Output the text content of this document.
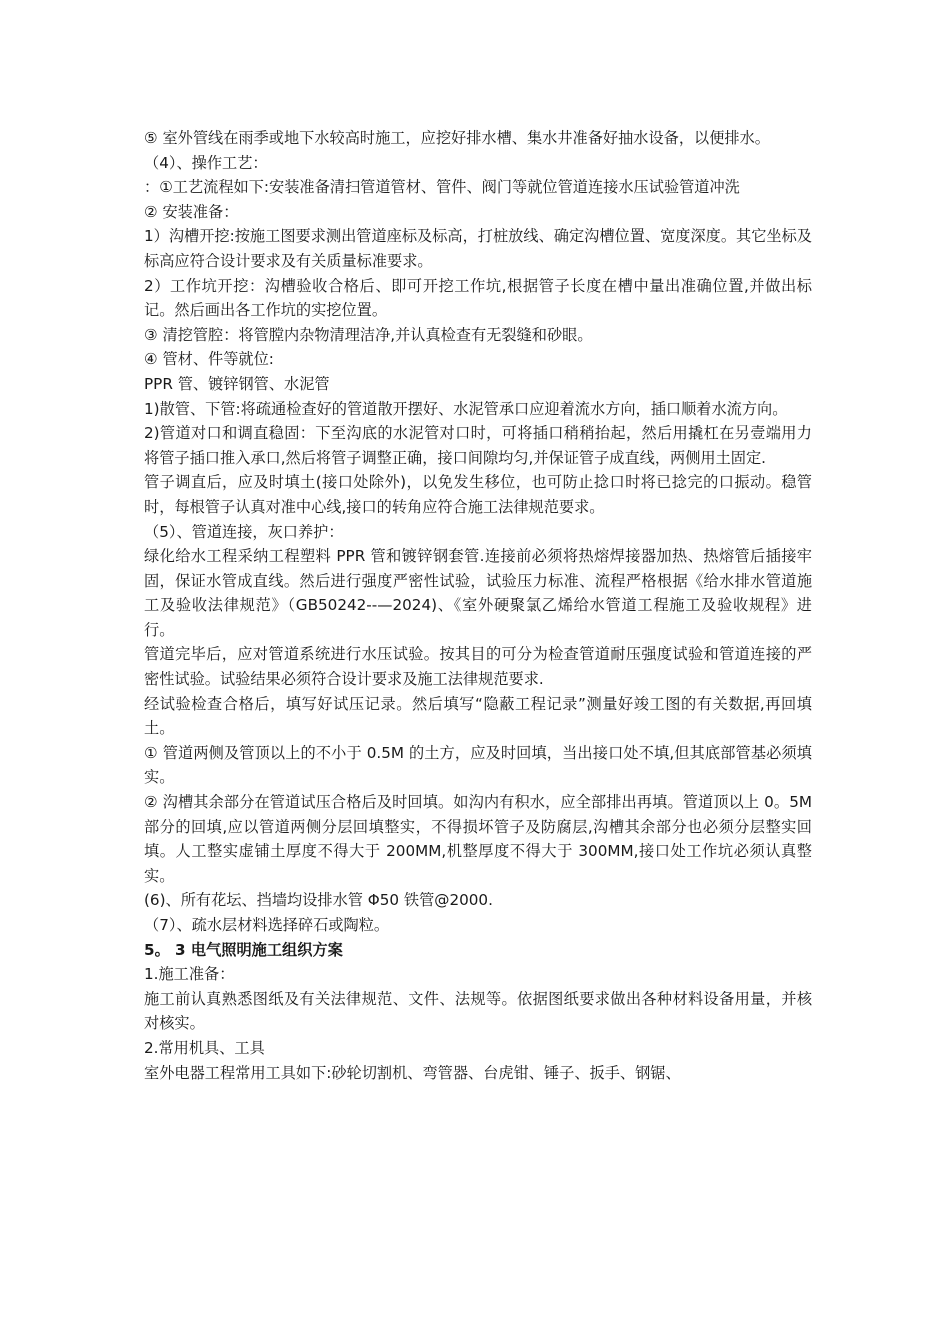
⑤ 室外管线在雨季或地下水较高时施工，应挖好排水槽、集水井准备好抽水设备，以便排水。

（4）、操作工艺：

：①工艺流程如下:安装准备清扫管道管材、管件、阀门等就位管道连接水压试验管道冲洗

② 安装准备：

1）沟槽开挖:按施工图要求测出管道座标及标高，打桩放线、确定沟槽位置、宽度深度。其它坐标及标高应符合设计要求及有关质量标准要求。

2）工作坑开挖：沟槽验收合格后、即可开挖工作坑,根据管子长度在槽中量出准确位置,并做出标记。然后画出各工作坑的实挖位置。

③ 清挖管腔：将管膛内杂物清理洁净,并认真检查有无裂缝和砂眼。

④ 管材、件等就位:

PPR 管、镀锌钢管、水泥管

1)散管、下管:将疏通检查好的管道散开摆好、水泥管承口应迎着流水方向，插口顺着水流方向。

2)管道对口和调直稳固：下至沟底的水泥管对口时，可将插口稍稍抬起，然后用撬杠在另壹端用力将管子插口推入承口,然后将管子调整正确，接口间隙均匀,并保证管子成直线，两侧用土固定.

管子调直后，应及时填土(接口处除外)，以免发生移位，也可防止捻口时将已捻完的口振动。稳管时，每根管子认真对准中心线,接口的转角应符合施工法律规范要求。

（5）、管道连接，灰口养护：

绿化给水工程采纳工程塑料 PPR 管和镀锌钢套管.连接前必须将热熔焊接器加热、热熔管后插接牢固，保证水管成直线。然后进行强度严密性试验，试验压力标准、流程严格根据《给水排水管道施工及验收法律规范》（GB50242--—2024)、《室外硬聚氯乙烯给水管道工程施工及验收规程》进行。

管道完毕后，应对管道系统进行水压试验。按其目的可分为检查管道耐压强度试验和管道连接的严密性试验。试验结果必须符合设计要求及施工法律规范要求.

经试验检查合格后，填写好试压记录。然后填写“隐蔽工程记录”测量好竣工图的有关数据,再回填土。

① 管道两侧及管顶以上的不小于 0.5M 的土方，应及时回填，当出接口处不填,但其底部管基必须填实。

② 沟槽其余部分在管道试压合格后及时回填。如沟内有积水，应全部排出再填。管道顶以上 0。5M 部分的回填,应以管道两侧分层回填整实，不得损坏管子及防腐层,沟槽其余部分也必须分层整实回填。人工整实虚铺土厚度不得大于 200MM,机整厚度不得大于 300MM,接口处工作坑必须认真整实。

(6)、所有花坛、挡墙均设排水管 Φ50 铁管@2000.

（7）、疏水层材料选择碎石或陶粒。

5。 3 电气照明施工组织方案

1.施工准备：

施工前认真熟悉图纸及有关法律规范、文件、法规等。依据图纸要求做出各种材料设备用量，并核对核实。

2.常用机具、工具

室外电器工程常用工具如下:砂轮切割机、弯管器、台虎钳、锤子、扳手、钢锯、
